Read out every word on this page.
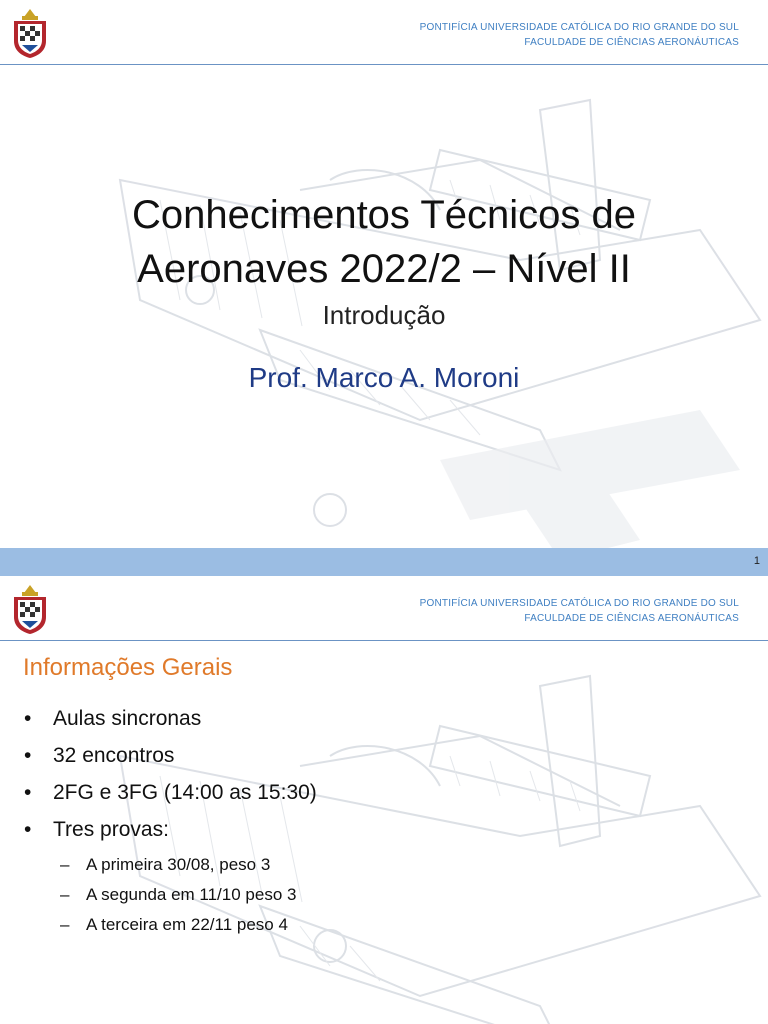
PONTIFÍCIA UNIVERSIDADE CATÓLICA DO RIO GRANDE DO SUL
FACULDADE DE CIÊNCIAS AERONÁUTICAS
Conhecimentos Técnicos de
Aeronaves 2022/2 – Nível II
Introdução
Prof. Marco A. Moroni
1
PONTIFÍCIA UNIVERSIDADE CATÓLICA DO RIO GRANDE DO SUL
FACULDADE DE CIÊNCIAS AERONÁUTICAS
Informações Gerais
• Aulas sincronas
• 32 encontros
• 2FG e 3FG (14:00 as 15:30)
• Tres provas:
– A primeira 30/08, peso 3
– A segunda em 11/10 peso 3
– A terceira em 22/11 peso 4
